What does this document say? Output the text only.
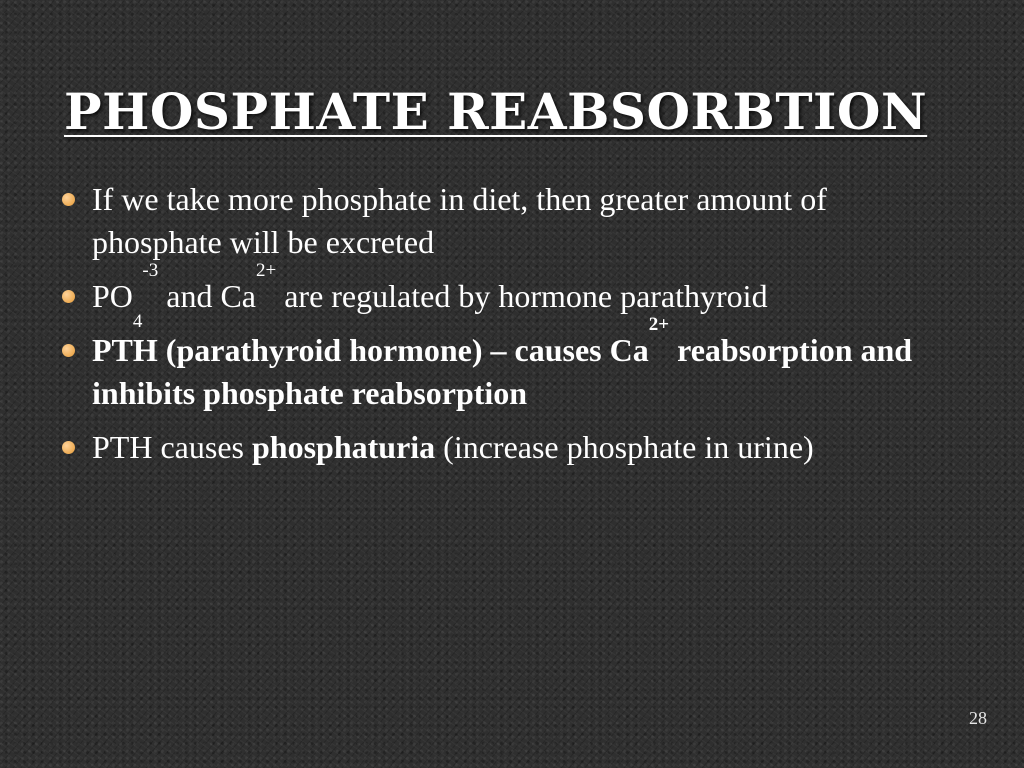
PHOSPHATE REABSORBTION
If we take more phosphate in diet, then greater amount of phosphate will be excreted
$PO_4^{-3}$ and $Ca^{2+}$ are regulated by hormone parathyroid
PTH (parathyroid hormone) – causes $Ca^{2+}$ reabsorption and inhibits phosphate reabsorption
PTH causes phosphaturia (increase phosphate in urine)
28
